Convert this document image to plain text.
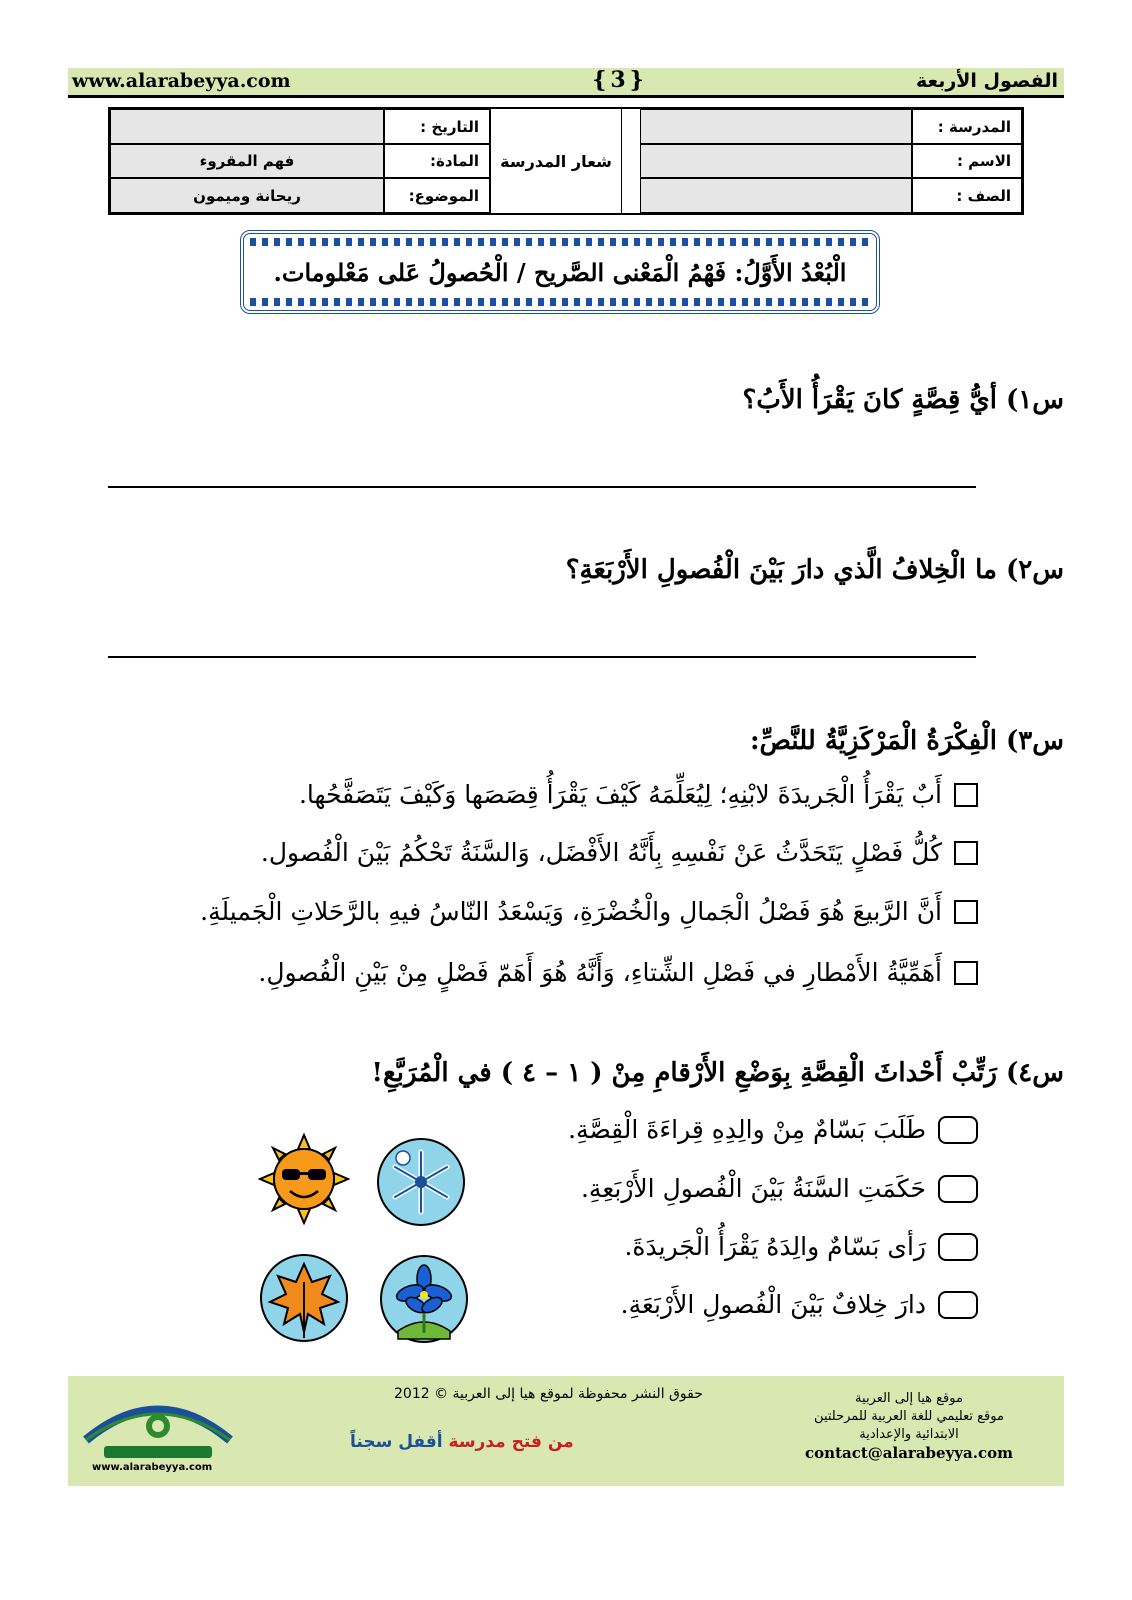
www.alarabeyya.com
{	3 }	الفصول الأربعة
المدرسة :
الاسم :
الصف :
شعار المدرسة
التاريخ :
المادة:
الموضوع:
فهم المقروء
ريحانة وميمون
الْبُعْدُ الأَوَّلُ: فَهْمُ الْمَعْنى الصَّريح / الْحُصولُ عَلى مَعْلومات.
س١) أيُّ قِصَّةٍ كانَ يَقْرَأُ الأَبُ؟
س٢) ما الْخِلافُ الَّذي دارَ بَيْنَ الْفُصولِ الأَرْبَعَةِ؟
س٣) الْفِكْرَةُ الْمَرْكَزِيَّةُ للنَّصِّ:
أَبٌ يَقْرَأُ الْجَريدَةَ لابْنِهِ؛ لِيُعَلِّمَهُ كَيْفَ يَقْرَأُ قِصَصَها وَكَيْفَ يَتَصَفَّحُها.
كُلُّ فَصْلٍ يَتَحَدَّثُ عَنْ نَفْسِهِ بِأَنَّهُ الأَفْضَل، وَالسَّنَةُ تَحْكُمُ بَيْنَ الْفُصول.
أَنَّ الرَّبيعَ هُوَ فَصْلُ الْجَمالِ والْخُضْرَةِ، وَيَسْعَدُ النّاسُ فيهِ بالرَّحَلاتِ الْجَميلَةِ.
أَهَمِّيَّةُ الأَمْطارِ في فَصْلِ الشِّتاءِ، وَأَنَّهُ هُوَ أَهَمّ فَصْلٍ مِنْ بَيْنِ الْفُصولِ.
س٤) رَتِّبْ أَحْداثَ الْقِصَّةِ بِوَضْعِ الأَرْقامِ مِنْ ( ١ – ٤ ) في الْمُرَبَّعِ!
طَلَبَ بَسّامٌ مِنْ والِدِهِ قِراءَةَ الْقِصَّةِ.
حَكَمَتِ السَّنَةُ بَيْنَ الْفُصولِ الأَرْبَعِةِ.
رَأى بَسّامٌ والِدَهُ يَقْرَأُ الْجَريدَةَ.
دارَ خِلافٌ بَيْنَ الْفُصولِ الأَرْبَعَةِ.
www.alarabeyya.com
حقوق النشر محفوظة لموقع هيا إلى العربية © 2012
من فتح مدرسة أقفل سجناً
موقع هيا إلى العربية
موقع تعليمي للغة العربية للمرحلتين
الابتدائية والإعدادية
contact@alarabeyya.com
